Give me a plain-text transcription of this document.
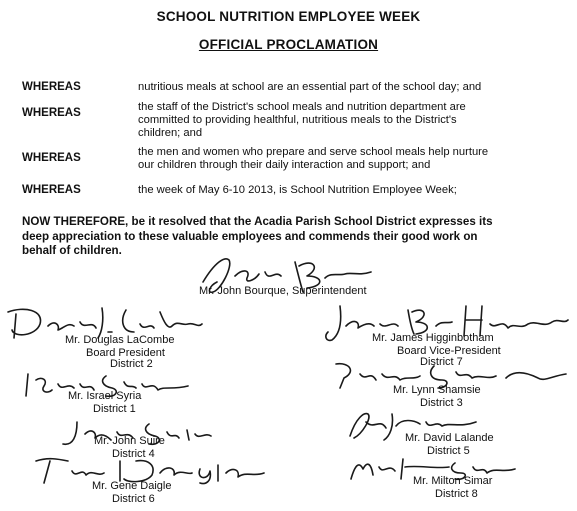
SCHOOL NUTRITION EMPLOYEE WEEK
OFFICIAL PROCLAMATION
WHEREAS	nutritious meals at school are an essential part of the school day; and
WHEREAS	the staff of the District's school meals and nutrition department are
committed to providing healthful, nutritious meals to the District's
children; and
WHEREAS	the men and women who prepare and serve school meals help nurture
our children through their daily interaction and support; and
WHEREAS	the week of May 6-10 2013, is School Nutrition Employee Week;
NOW THEREFORE, be it resolved that the Acadia Parish School District expresses its
deep appreciation to these valuable employees and commends their good work on
behalf of children.
Mr. John Bourque, Superintendent
Mr. Douglas LaCombe
Board President
District 2
Mr. James Higginbotham
Board Vice-President
District 7
Mr. Israel Syria
District 1
Mr. Lynn Shamsie
District 3
Mr. John Suire
District 4
Mr. David Lalande
District 5
Mr. Gene Daigle
District 6
Mr. Milton Simar
District 8
